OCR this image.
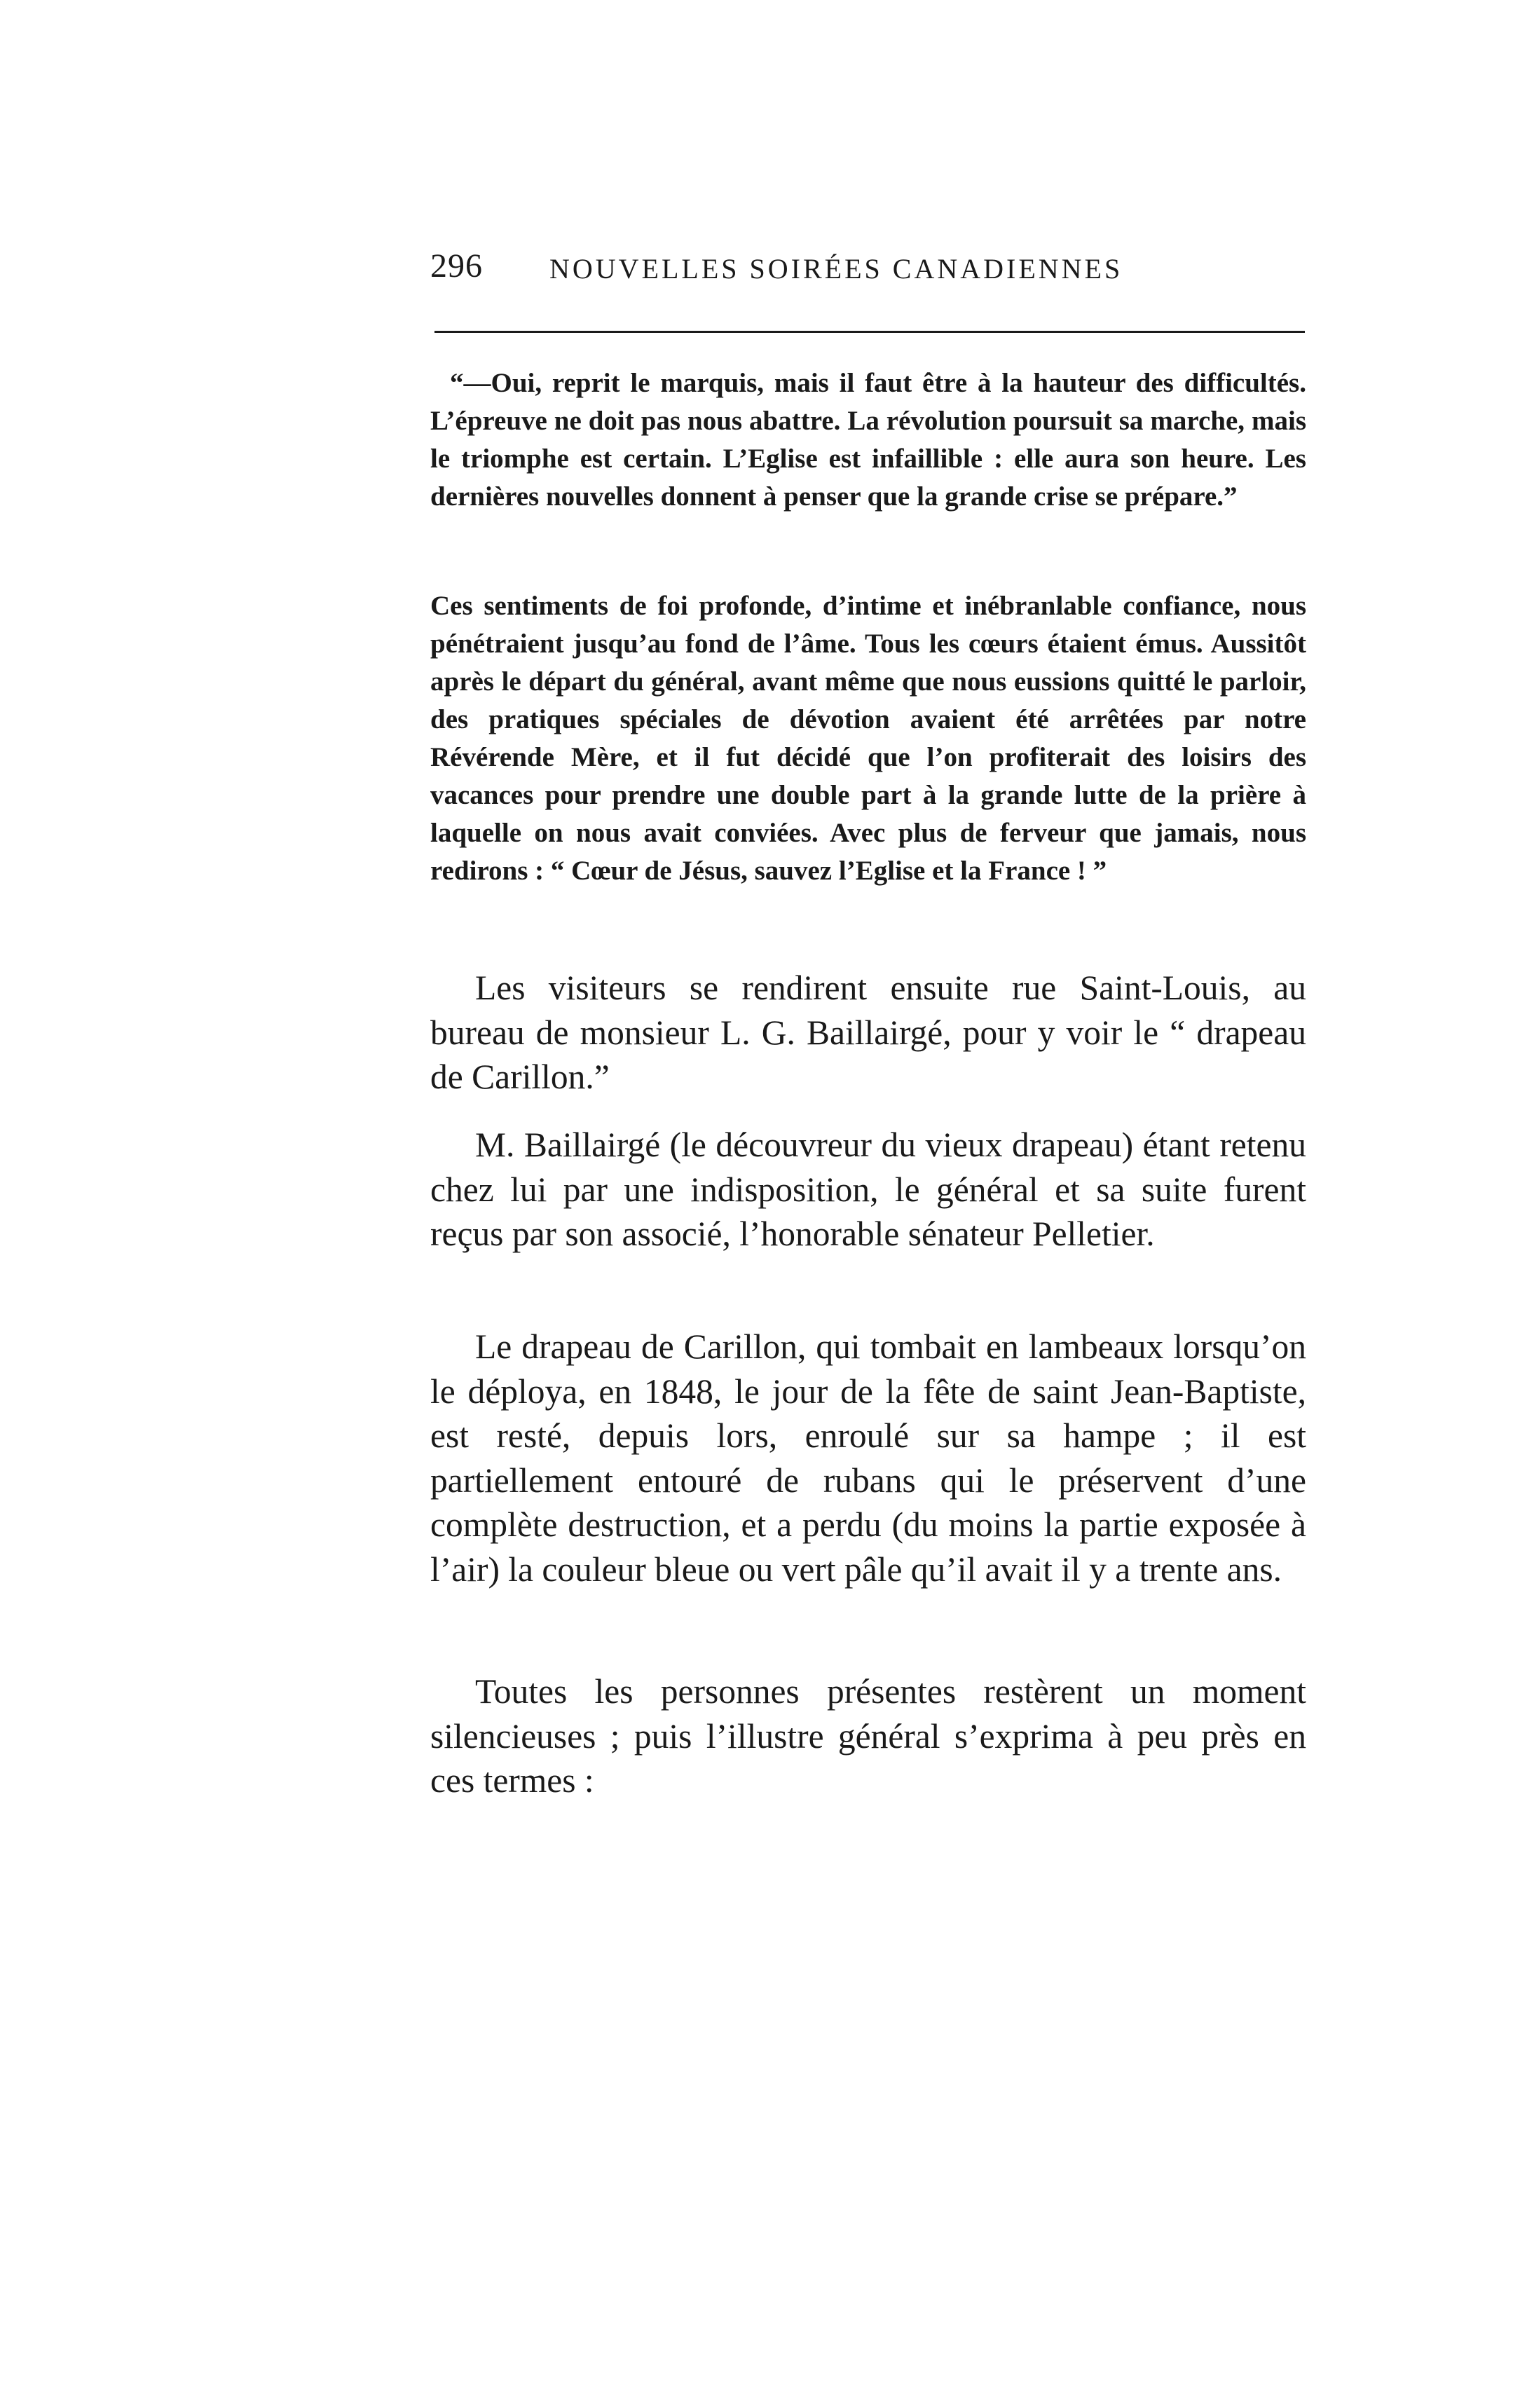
296 NOUVELLES SOIRÉES CANADIENNES

“—Oui, reprit le marquis, mais il faut être à la hauteur des difficultés. L’épreuve ne doit pas nous abattre. La révolution poursuit sa marche, mais le triomphe est certain. L’Eglise est infaillible : elle aura son heure. Les dernières nouvelles donnent à penser que la grande crise se prépare.”

Ces sentiments de foi profonde, d’intime et inébranlable confiance, nous pénétraient jusqu’au fond de l’âme. Tous les cœurs étaient émus. Aussitôt après le départ du général, avant même que nous eussions quitté le parloir, des pratiques spéciales de dévotion avaient été arrêtées par notre Révérende Mère, et il fut décidé que l’on profiterait des loisirs des vacances pour prendre une double part à la grande lutte de la prière à laquelle on nous avait conviées. Avec plus de ferveur que jamais, nous redirons : “ Cœur de Jésus, sauvez l’Eglise et la France ! ”

Les visiteurs se rendirent ensuite rue Saint-Louis, au bureau de monsieur L. G. Baillairgé, pour y voir le “ drapeau de Carillon.”

M. Baillairgé (le découvreur du vieux drapeau) étant retenu chez lui par une indisposition, le général et sa suite furent reçus par son associé, l’honorable sénateur Pelletier.

Le drapeau de Carillon, qui tombait en lambeaux lorsqu’on le déploya, en 1848, le jour de la fête de saint Jean-Baptiste, est resté, depuis lors, enroulé sur sa hampe ; il est partiellement entouré de rubans qui le préservent d’une complète destruction, et a perdu (du moins la partie exposée à l’air) la couleur bleue ou vert pâle qu’il avait il y a trente ans.

Toutes les personnes présentes restèrent un moment silencieuses ; puis l’illustre général s’exprima à peu près en ces termes :
